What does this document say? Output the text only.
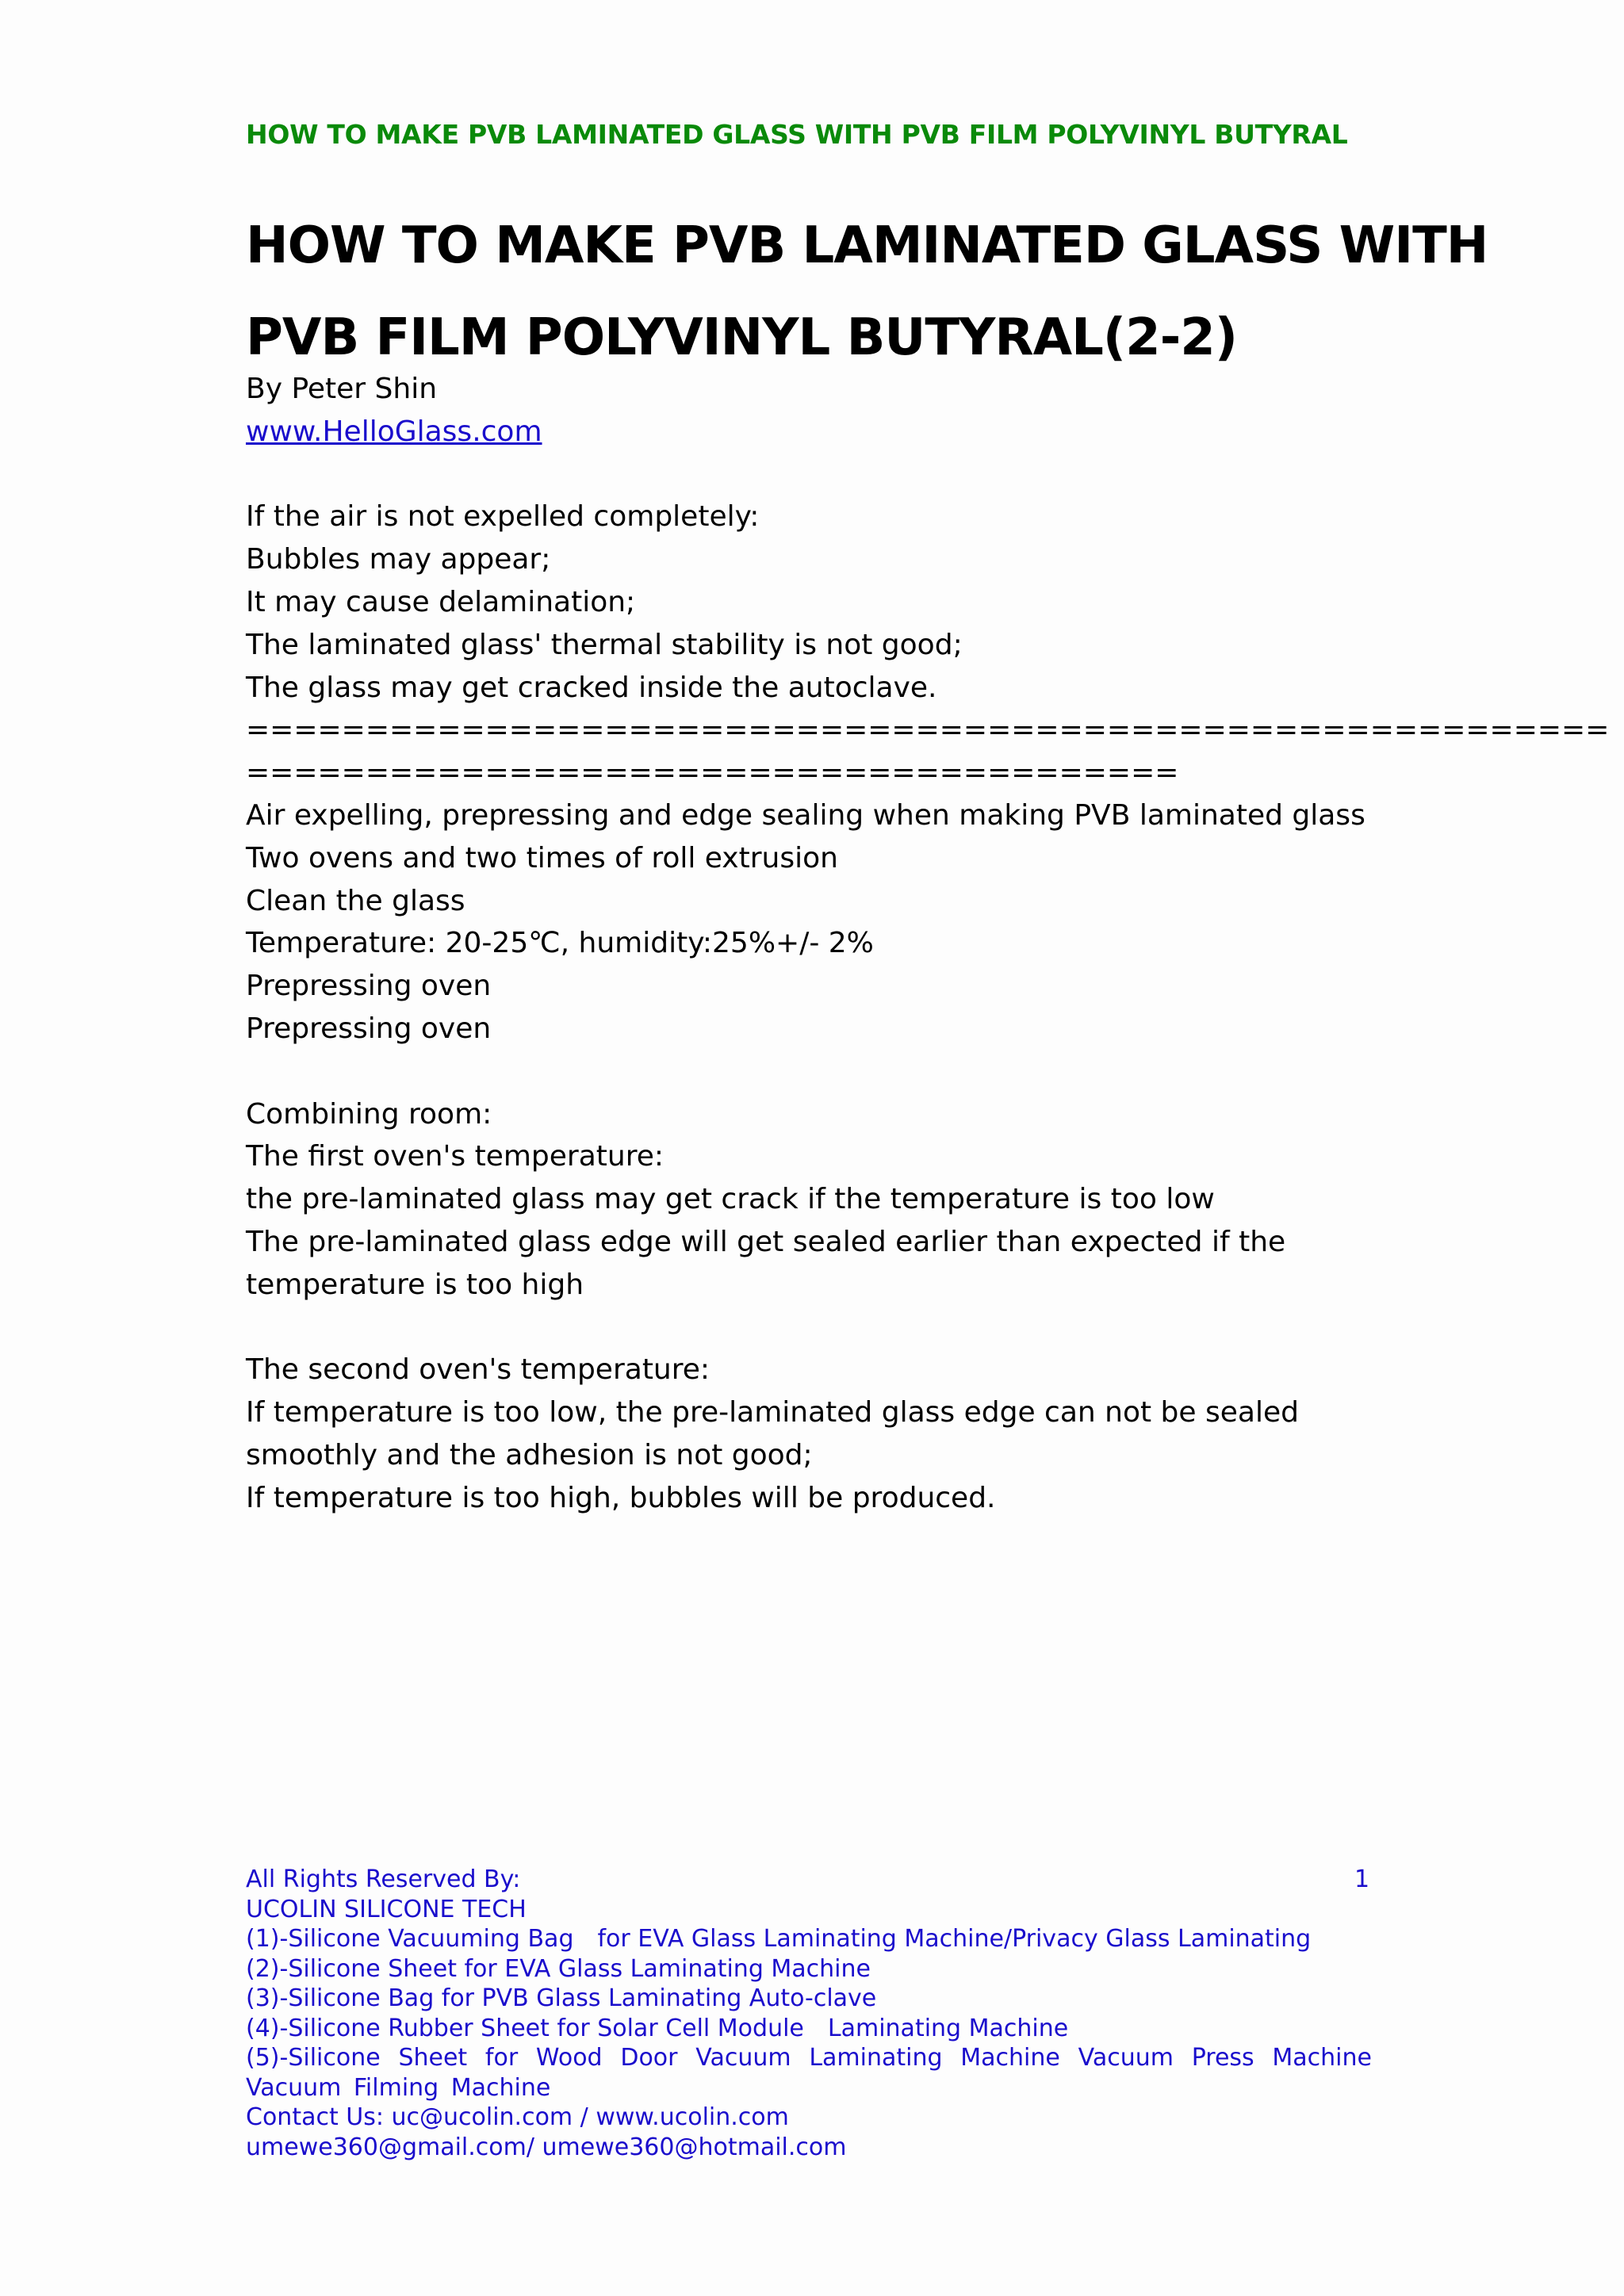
HOW TO MAKE PVB LAMINATED GLASS WITH PVB FILM POLYVINYL BUTYRAL
HOW TO MAKE PVB LAMINATED GLASS WITH
PVB FILM POLYVINYL BUTYRAL(2-2)
By Peter Shin
www.HelloGlass.com
If the air is not expelled completely:
Bubbles may appear;
It may cause delamination;
The laminated glass' thermal stability is not good;
The glass may get cracked inside the autoclave.
=========================================================
=======================================
Air expelling, prepressing and edge sealing when making PVB laminated glass
Two ovens and two times of roll extrusion
Clean the glass
Temperature: 20-25℃, humidity:25%+/- 2%
Prepressing oven
Prepressing oven
Combining room:
The first oven's temperature:
the pre-laminated glass may get crack if the temperature is too low
The pre-laminated glass edge will get sealed earlier than expected if the temperature is too high
The second oven's temperature:
If temperature is too low, the pre-laminated glass edge can not be sealed smoothly and the adhesion is not good;
If temperature is too high, bubbles will be produced.
1
All Rights Reserved By:
UCOLIN SILICONE TECH
(1)-Silicone Vacuuming Bag for EVA Glass Laminating Machine/Privacy Glass Laminating
(2)-Silicone Sheet for EVA Glass Laminating Machine
(3)-Silicone Bag for PVB Glass Laminating Auto-clave
(4)-Silicone Rubber Sheet for Solar Cell Module Laminating Machine
(5)-Silicone Sheet for Wood Door Vacuum Laminating Machine Vacuum Press Machine Vacuum Filming Machine
Contact Us: uc@ucolin.com / www.ucolin.com
umewe360@gmail.com/ umewe360@hotmail.com
